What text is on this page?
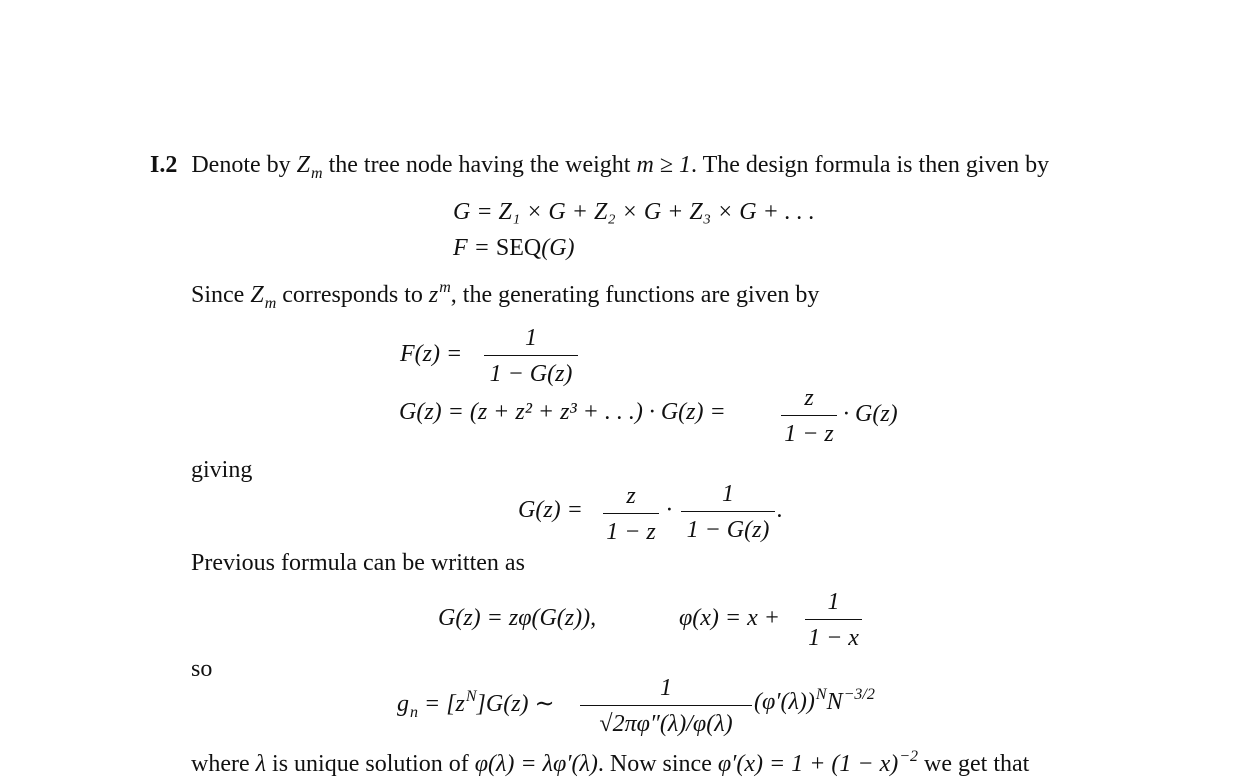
I.2 Denote by $Z_m$ the tree node having the weight m ≥ 1. The design formula is then given by
G = Z₁ × G + Z₂ × G + Z₃ × G + . . .
F = SEQ(G)
Since $Z_m$ corresponds to $z^m$, the generating functions are given by
F(z) =
1
1 − G(z)
G(z) = (z + z² + z³ + . . .) · G(z) =
z
1 − z
· G(z)
giving
G(z) =
z
1 − z
·
1
1 − G(z)
.
Previous formula can be written as
G(z) = zφ(G(z)),	φ(x) = x +
1
1 − x
so
$g_n = [z^N]G(z)$ ∼
1
√2πφ″(λ)/φ(λ)
$(\varphi'(\lambda))^NN^{-3/2}$
where λ is unique solution of φ(λ) = λφ′(λ). Now since $\varphi'(x) = 1 + (1 - x)^{-2}$ we get that
